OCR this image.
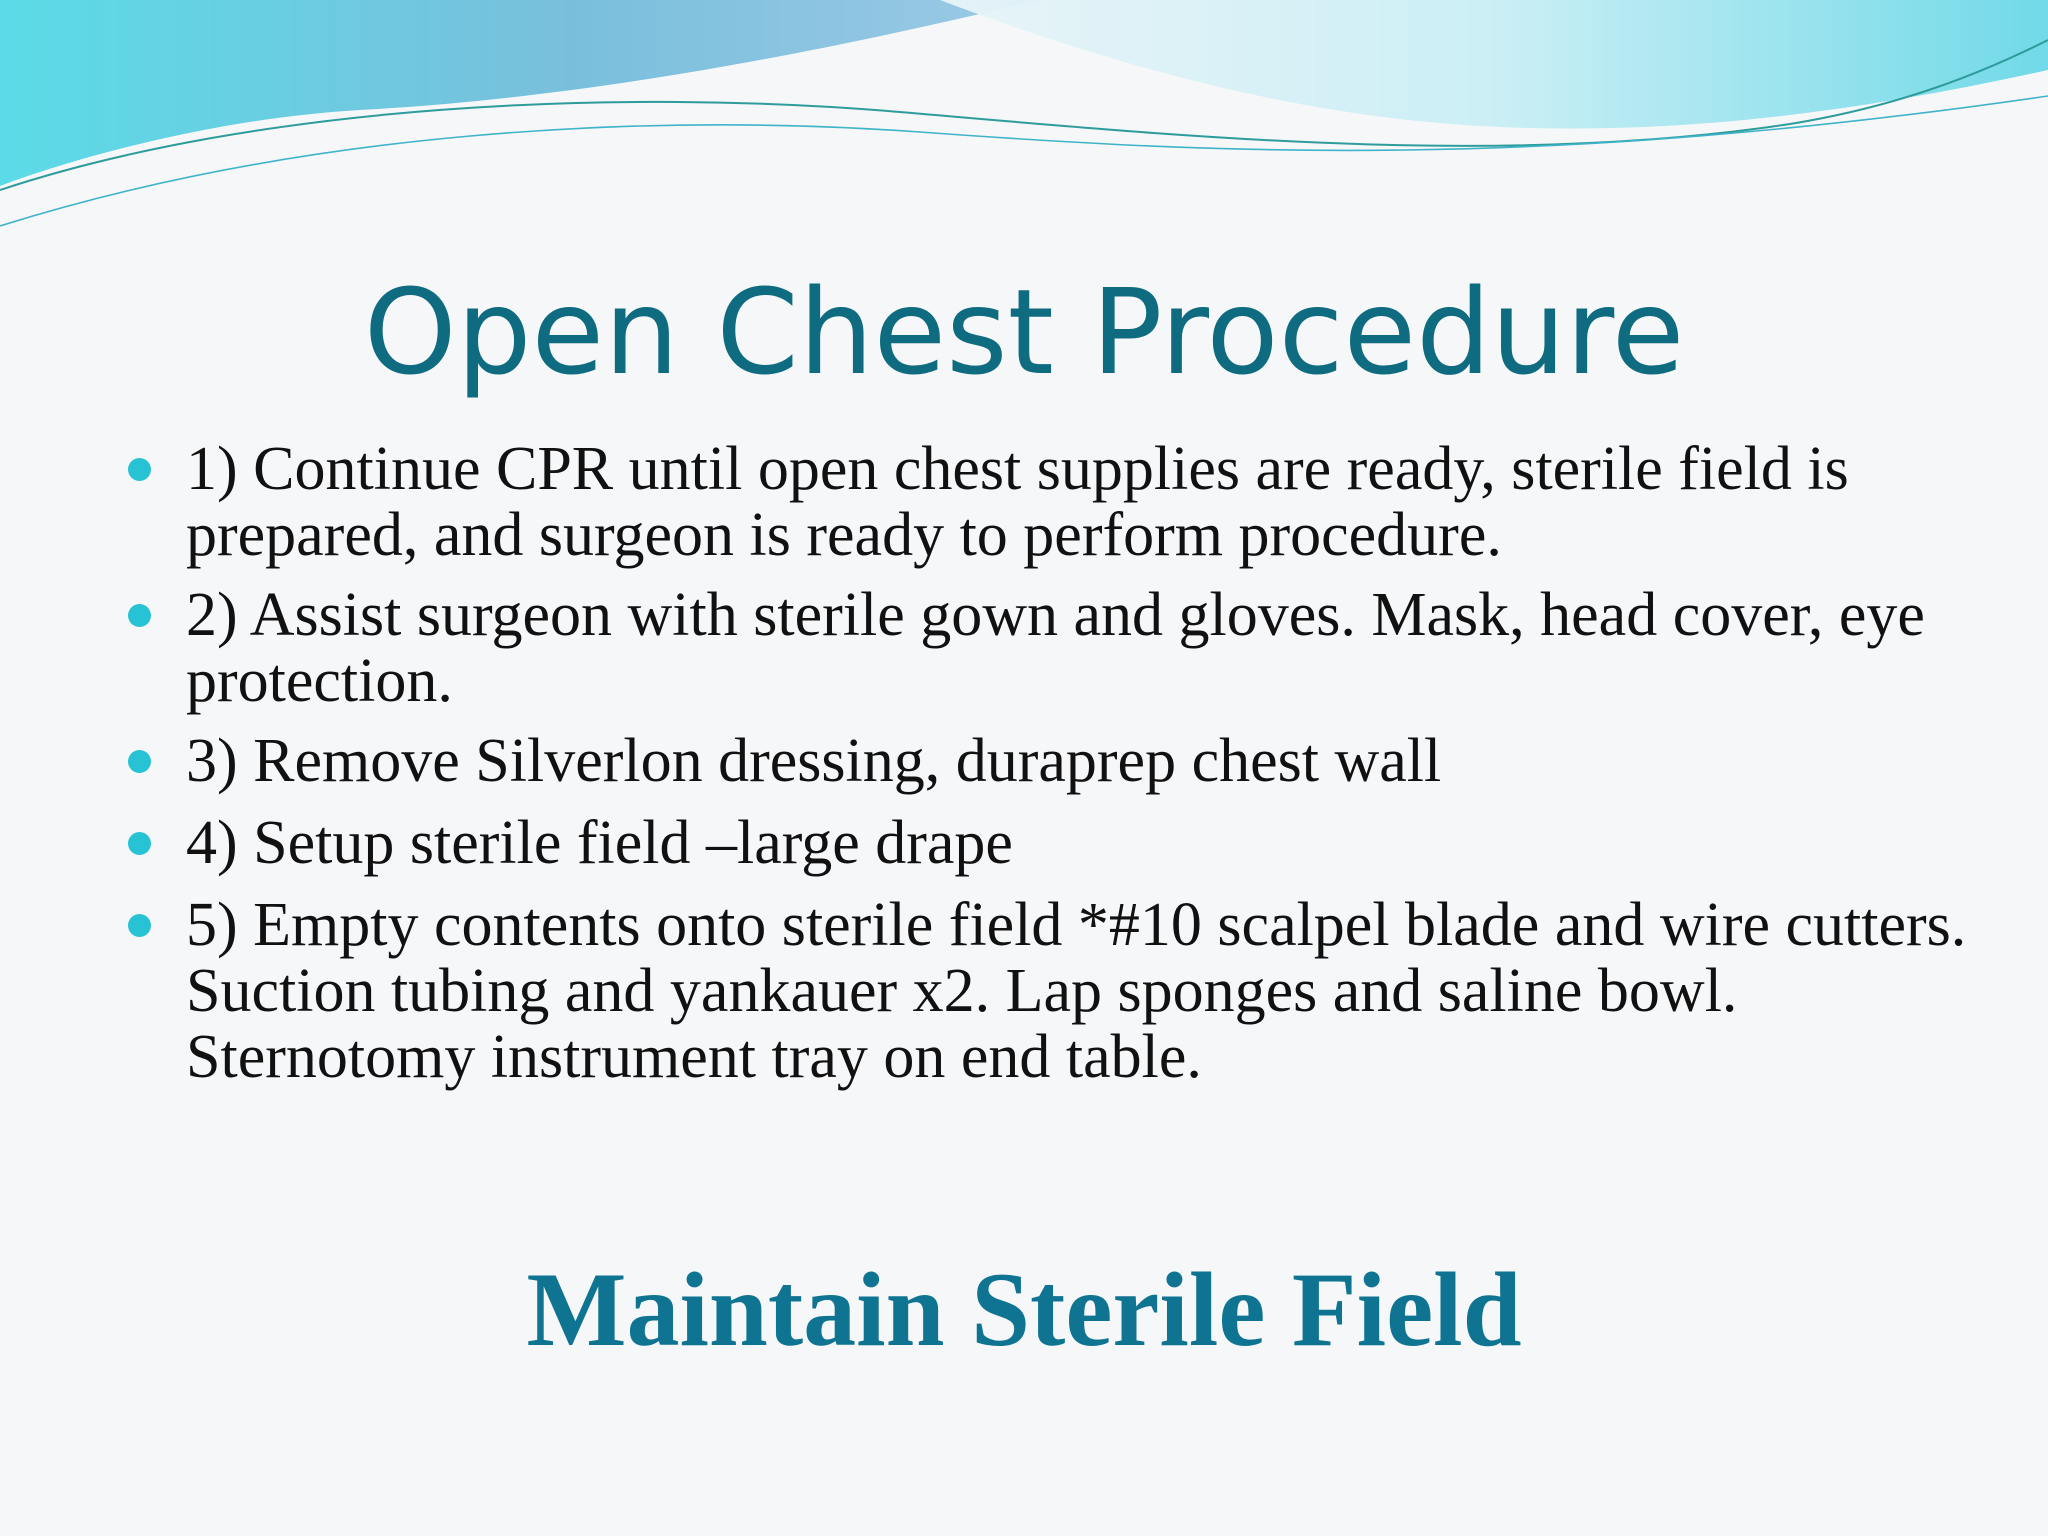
Open Chest Procedure
1) Continue CPR until open chest supplies are ready, sterile field is prepared, and surgeon is ready to perform procedure.
2) Assist surgeon with sterile gown and gloves. Mask, head cover, eye protection.
3) Remove Silverlon dressing, duraprep chest wall
4) Setup sterile field –large drape
5) Empty contents onto sterile field *#10 scalpel blade and wire cutters. Suction tubing and yankauer x2. Lap sponges and saline bowl. Sternotomy instrument tray on end table.
Maintain Sterile Field
